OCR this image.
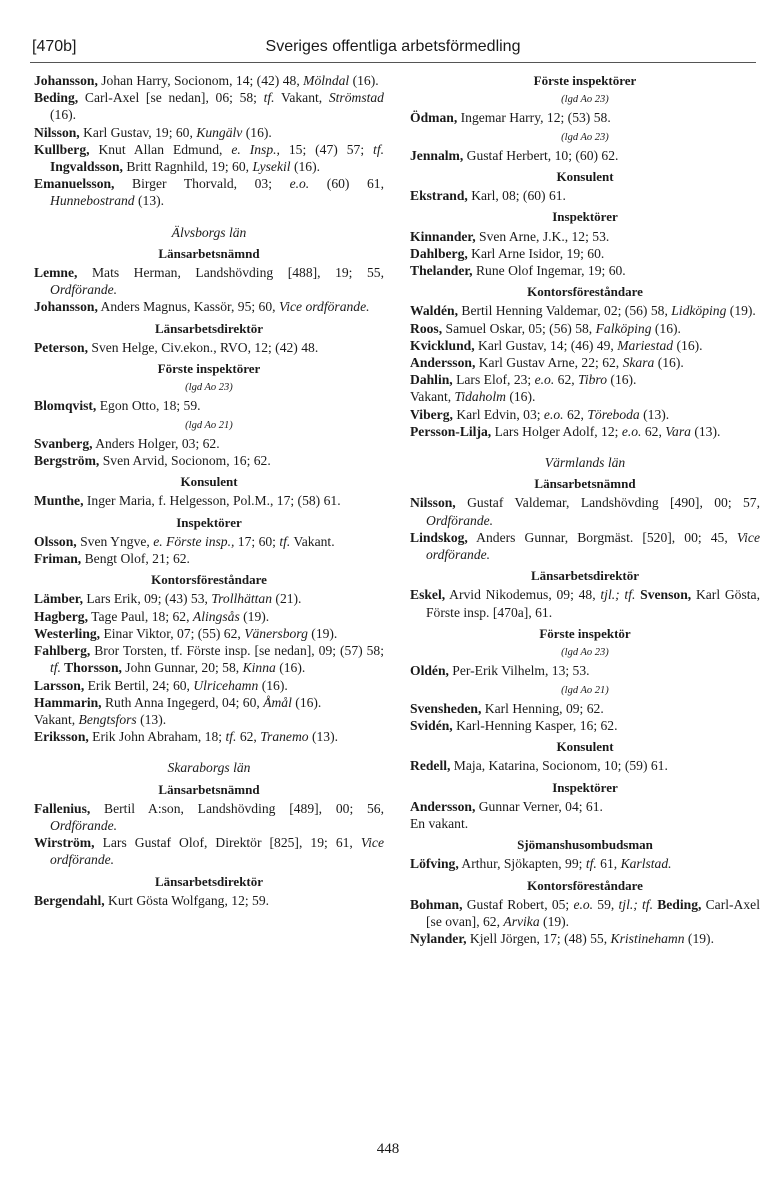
[470b]	Sveriges offentliga arbetsförmedling

Johansson, Johan Harry, Socionom, 14; (42) 48, Mölndal (16).

Beding, Carl-Axel [se nedan], 06; 58; tf. Vakant, Strömstad (16).

Nilsson, Karl Gustav, 19; 60, Kungälv (16).

Kullberg, Knut Allan Edmund, e. Insp., 15; (47) 57; tf. Ingvaldsson, Britt Ragnhild, 19; 60, Lysekil (16).

Emanuelsson, Birger Thorvald, 03; e.o. (60) 61, Hunnebostrand (13).

Älvsborgs län
Länsarbetsnämnd

Lemne, Mats Herman, Landshövding [488], 19; 55, Ordförande.

Johansson, Anders Magnus, Kassör, 95; 60, Vice ordförande.

Länsarbetsdirektör

Peterson, Sven Helge, Civ.ekon., RVO, 12; (42) 48.

Förste inspektörer
(lgd Ao 23)

Blomqvist, Egon Otto, 18; 59.

(lgd Ao 21)

Svanberg, Anders Holger, 03; 62.

Bergström, Sven Arvid, Socionom, 16; 62.

Konsulent

Munthe, Inger Maria, f. Helgesson, Pol.M., 17; (58) 61.

Inspektörer

Olsson, Sven Yngve, e. Förste insp., 17; 60; tf. Vakant.

Friman, Bengt Olof, 21; 62.

Kontorsföreståndare

Lämber, Lars Erik, 09; (43) 53, Trollhättan (21).

Hagberg, Tage Paul, 18; 62, Alingsås (19).

Westerling, Einar Viktor, 07; (55) 62, Vänersborg (19).

Fahlberg, Bror Torsten, tf. Förste insp. [se nedan], 09; (57) 58; tf. Thorsson, John Gunnar, 20; 58, Kinna (16).

Larsson, Erik Bertil, 24; 60, Ulricehamn (16).

Hammarin, Ruth Anna Ingegerd, 04; 60, Åmål (16).

Vakant, Bengtsfors (13).

Eriksson, Erik John Abraham, 18; tf. 62, Tranemo (13).

Skaraborgs län
Länsarbetsnämnd

Fallenius, Bertil A:son, Landshövding [489], 00; 56, Ordförande.

Wirström, Lars Gustaf Olof, Direktör [825], 19; 61, Vice ordförande.

Länsarbetsdirektör

Bergendahl, Kurt Gösta Wolfgang, 12; 59.

Förste inspektörer
(lgd Ao 23)

Ödman, Ingemar Harry, 12; (53) 58.

(lgd Ao 23)

Jennalm, Gustaf Herbert, 10; (60) 62.

Konsulent

Ekstrand, Karl, 08; (60) 61.

Inspektörer

Kinnander, Sven Arne, J.K., 12; 53.

Dahlberg, Karl Arne Isidor, 19; 60.

Thelander, Rune Olof Ingemar, 19; 60.

Kontorsföreståndare

Waldén, Bertil Henning Valdemar, 02; (56) 58, Lidköping (19).

Roos, Samuel Oskar, 05; (56) 58, Falköping (16).

Kvicklund, Karl Gustav, 14; (46) 49, Mariestad (16).

Andersson, Karl Gustav Arne, 22; 62, Skara (16).

Dahlin, Lars Elof, 23; e.o. 62, Tibro (16).

Vakant, Tidaholm (16).

Viberg, Karl Edvin, 03; e.o. 62, Töreboda (13).

Persson-Lilja, Lars Holger Adolf, 12; e.o. 62, Vara (13).

Värmlands län
Länsarbetsnämnd

Nilsson, Gustaf Valdemar, Landshövding [490], 00; 57, Ordförande.

Lindskog, Anders Gunnar, Borgmäst. [520], 00; 45, Vice ordförande.

Länsarbetsdirektör

Eskel, Arvid Nikodemus, 09; 48, tjl.; tf. Svenson, Karl Gösta, Förste insp. [470a], 61.

Förste inspektör
(lgd Ao 23)

Oldén, Per-Erik Vilhelm, 13; 53.

(lgd Ao 21)

Svensheden, Karl Henning, 09; 62.

Svidén, Karl-Henning Kasper, 16; 62.

Konsulent

Redell, Maja, Katarina, Socionom, 10; (59) 61.

Inspektörer

Andersson, Gunnar Verner, 04; 61.

En vakant.

Sjömanshusombudsman

Löfving, Arthur, Sjökapten, 99; tf. 61, Karlstad.

Kontorsföreståndare

Bohman, Gustaf Robert, 05; e.o. 59, tjl.; tf. Beding, Carl-Axel [se ovan], 62, Arvika (19).

Nylander, Kjell Jörgen, 17; (48) 55, Kristinehamn (19).

448
